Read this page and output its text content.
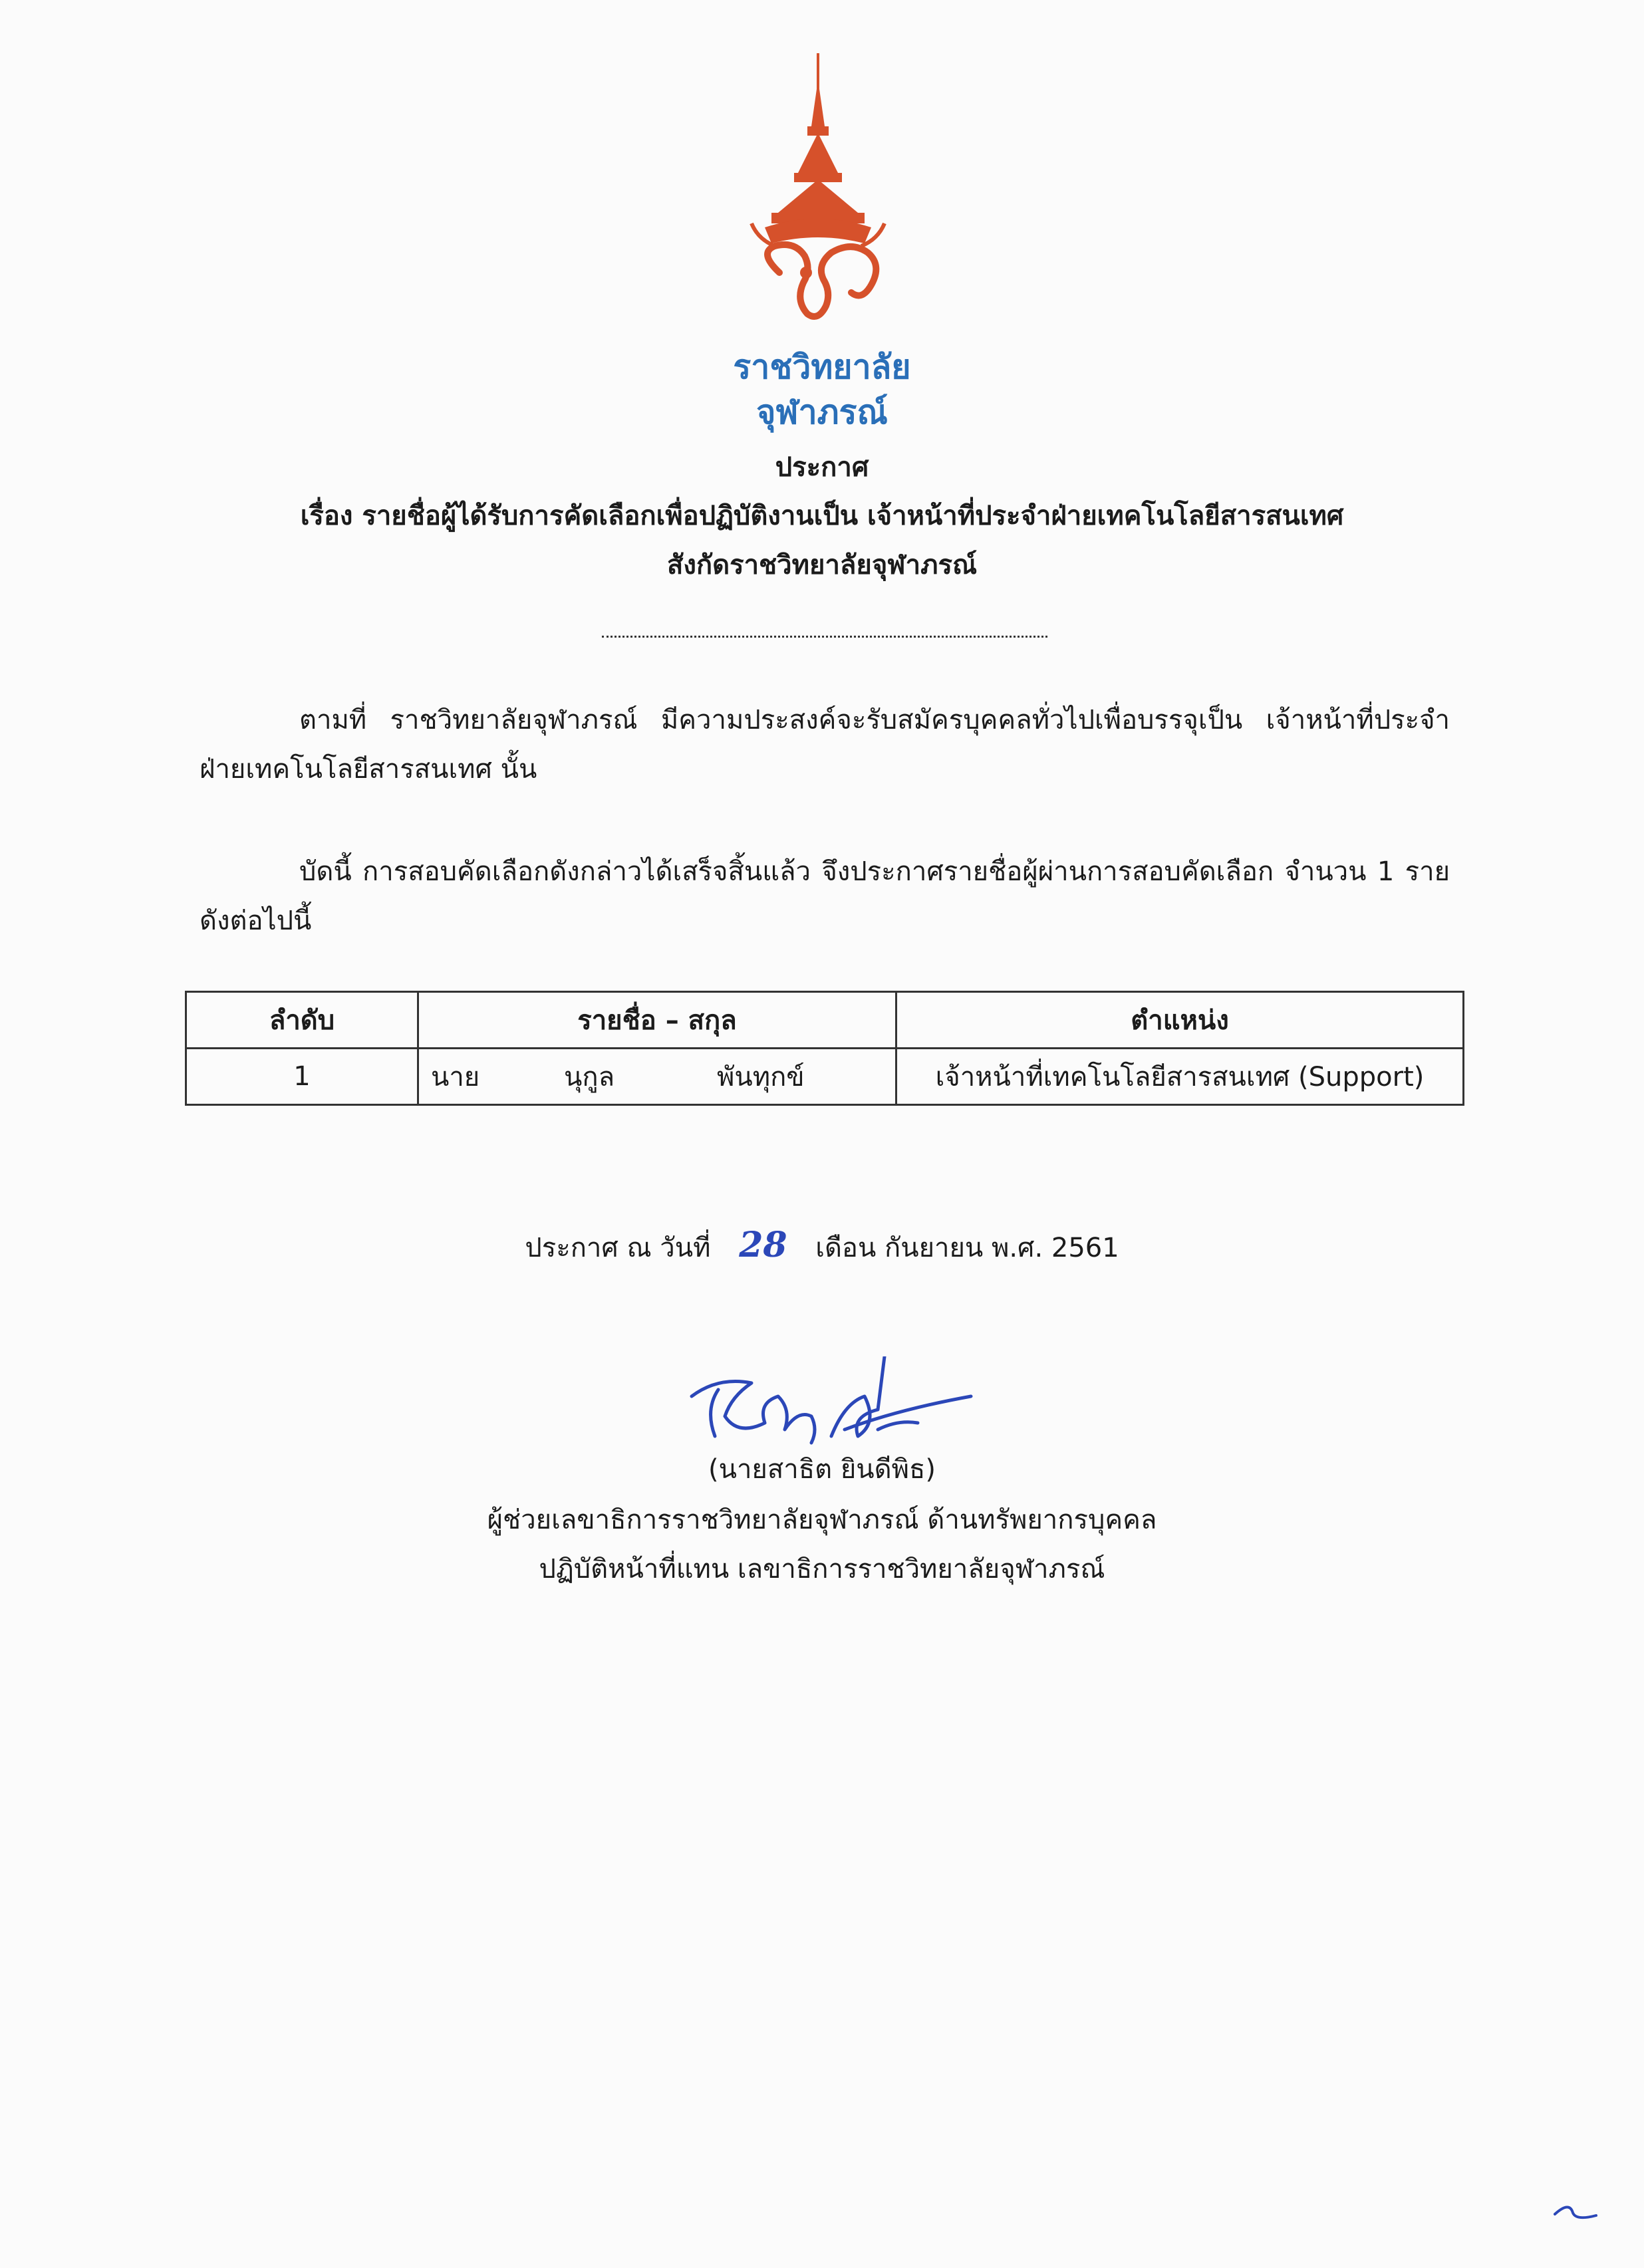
ราชวิทยาลัย
จุฬาภรณ์
ประกาศ
เรื่อง รายชื่อผู้ได้รับการคัดเลือกเพื่อปฏิบัติงานเป็น เจ้าหน้าที่ประจำฝ่ายเทคโนโลยีสารสนเทศ
สังกัดราชวิทยาลัยจุฬาภรณ์
ตามที่ ราชวิทยาลัยจุฬาภรณ์ มีความประสงค์จะรับสมัครบุคคลทั่วไปเพื่อบรรจุเป็น เจ้าหน้าที่ประจำฝ่ายเทคโนโลยีสารสนเทศ นั้น
บัดนี้ การสอบคัดเลือกดังกล่าวได้เสร็จสิ้นแล้ว จึงประกาศรายชื่อผู้ผ่านการสอบคัดเลือก จำนวน 1 ราย ดังต่อไปนี้
ลำดับ	รายชื่อ – สกุล	ตำแหน่ง
1	นาย นุกูล พันทุกข์	เจ้าหน้าที่เทคโนโลยีสารสนเทศ (Support)
ประกาศ ณ วันที่ 28 เดือน กันยายน พ.ศ. 2561
(นายสาธิต ยินดีพิธ)
ผู้ช่วยเลขาธิการราชวิทยาลัยจุฬาภรณ์ ด้านทรัพยากรบุคคล
ปฏิบัติหน้าที่แทน เลขาธิการราชวิทยาลัยจุฬาภรณ์
